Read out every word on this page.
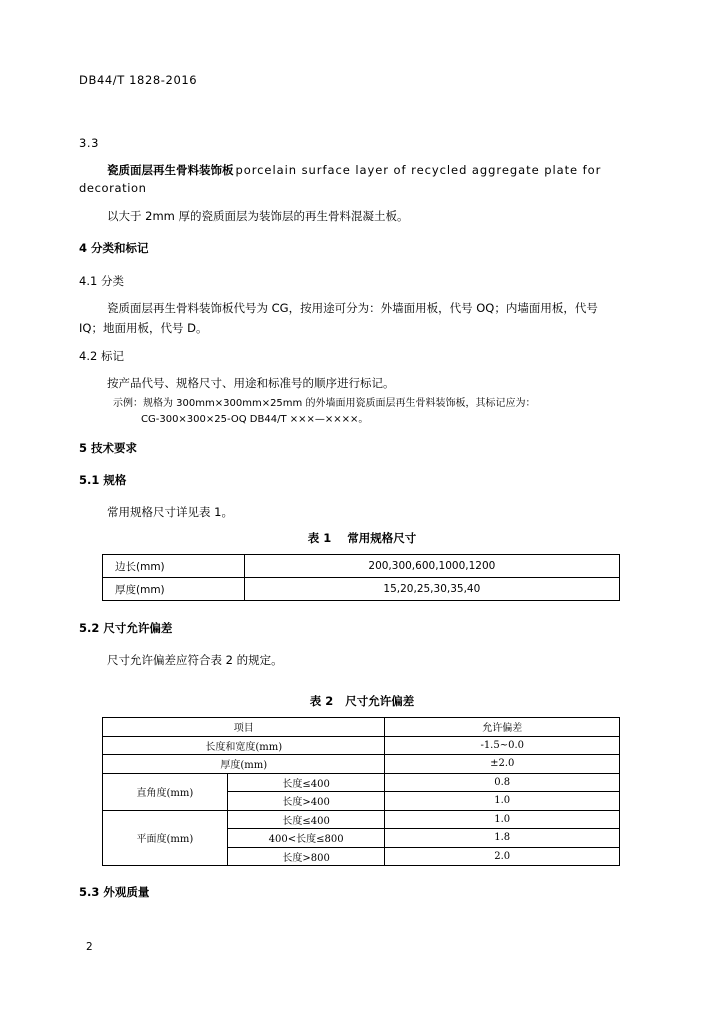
DB44/T 1828-2016
3.3
瓷质面层再生骨料装饰板 porcelain surface layer of recycled aggregate plate for
decoration
以大于 2mm 厚的瓷质面层为装饰层的再生骨料混凝土板。
4 分类和标记
4.1 分类
瓷质面层再生骨料装饰板代号为 CG，按用途可分为：外墙面用板，代号 OQ；内墙面用板，代号
IQ；地面用板，代号 D。
4.2 标记
按产品代号、规格尺寸、用途和标准号的顺序进行标记。
示例：规格为 300mm×300mm×25mm 的外墙面用瓷质面层再生骨料装饰板，其标记应为：
CG-300×300×25-OQ DB44/T ×××—××××。
5 技术要求
5.1 规格
常用规格尺寸详见表 1。
表 1    常用规格尺寸
边长(mm)	200,300,600,1000,1200
厚度(mm)	15,20,25,30,35,40
5.2 尺寸允许偏差
尺寸允许偏差应符合表 2 的规定。
表 2   尺寸允许偏差
项目		允许偏差
长度和宽度(mm)		-1.5~0.0
厚度(mm)		±2.0
直角度(mm)	长度≤400	0.8
	长度>400	1.0
平面度(mm)	长度≤400	1.0
	400<长度≤800	1.8
	长度>800	2.0
5.3 外观质量
2
